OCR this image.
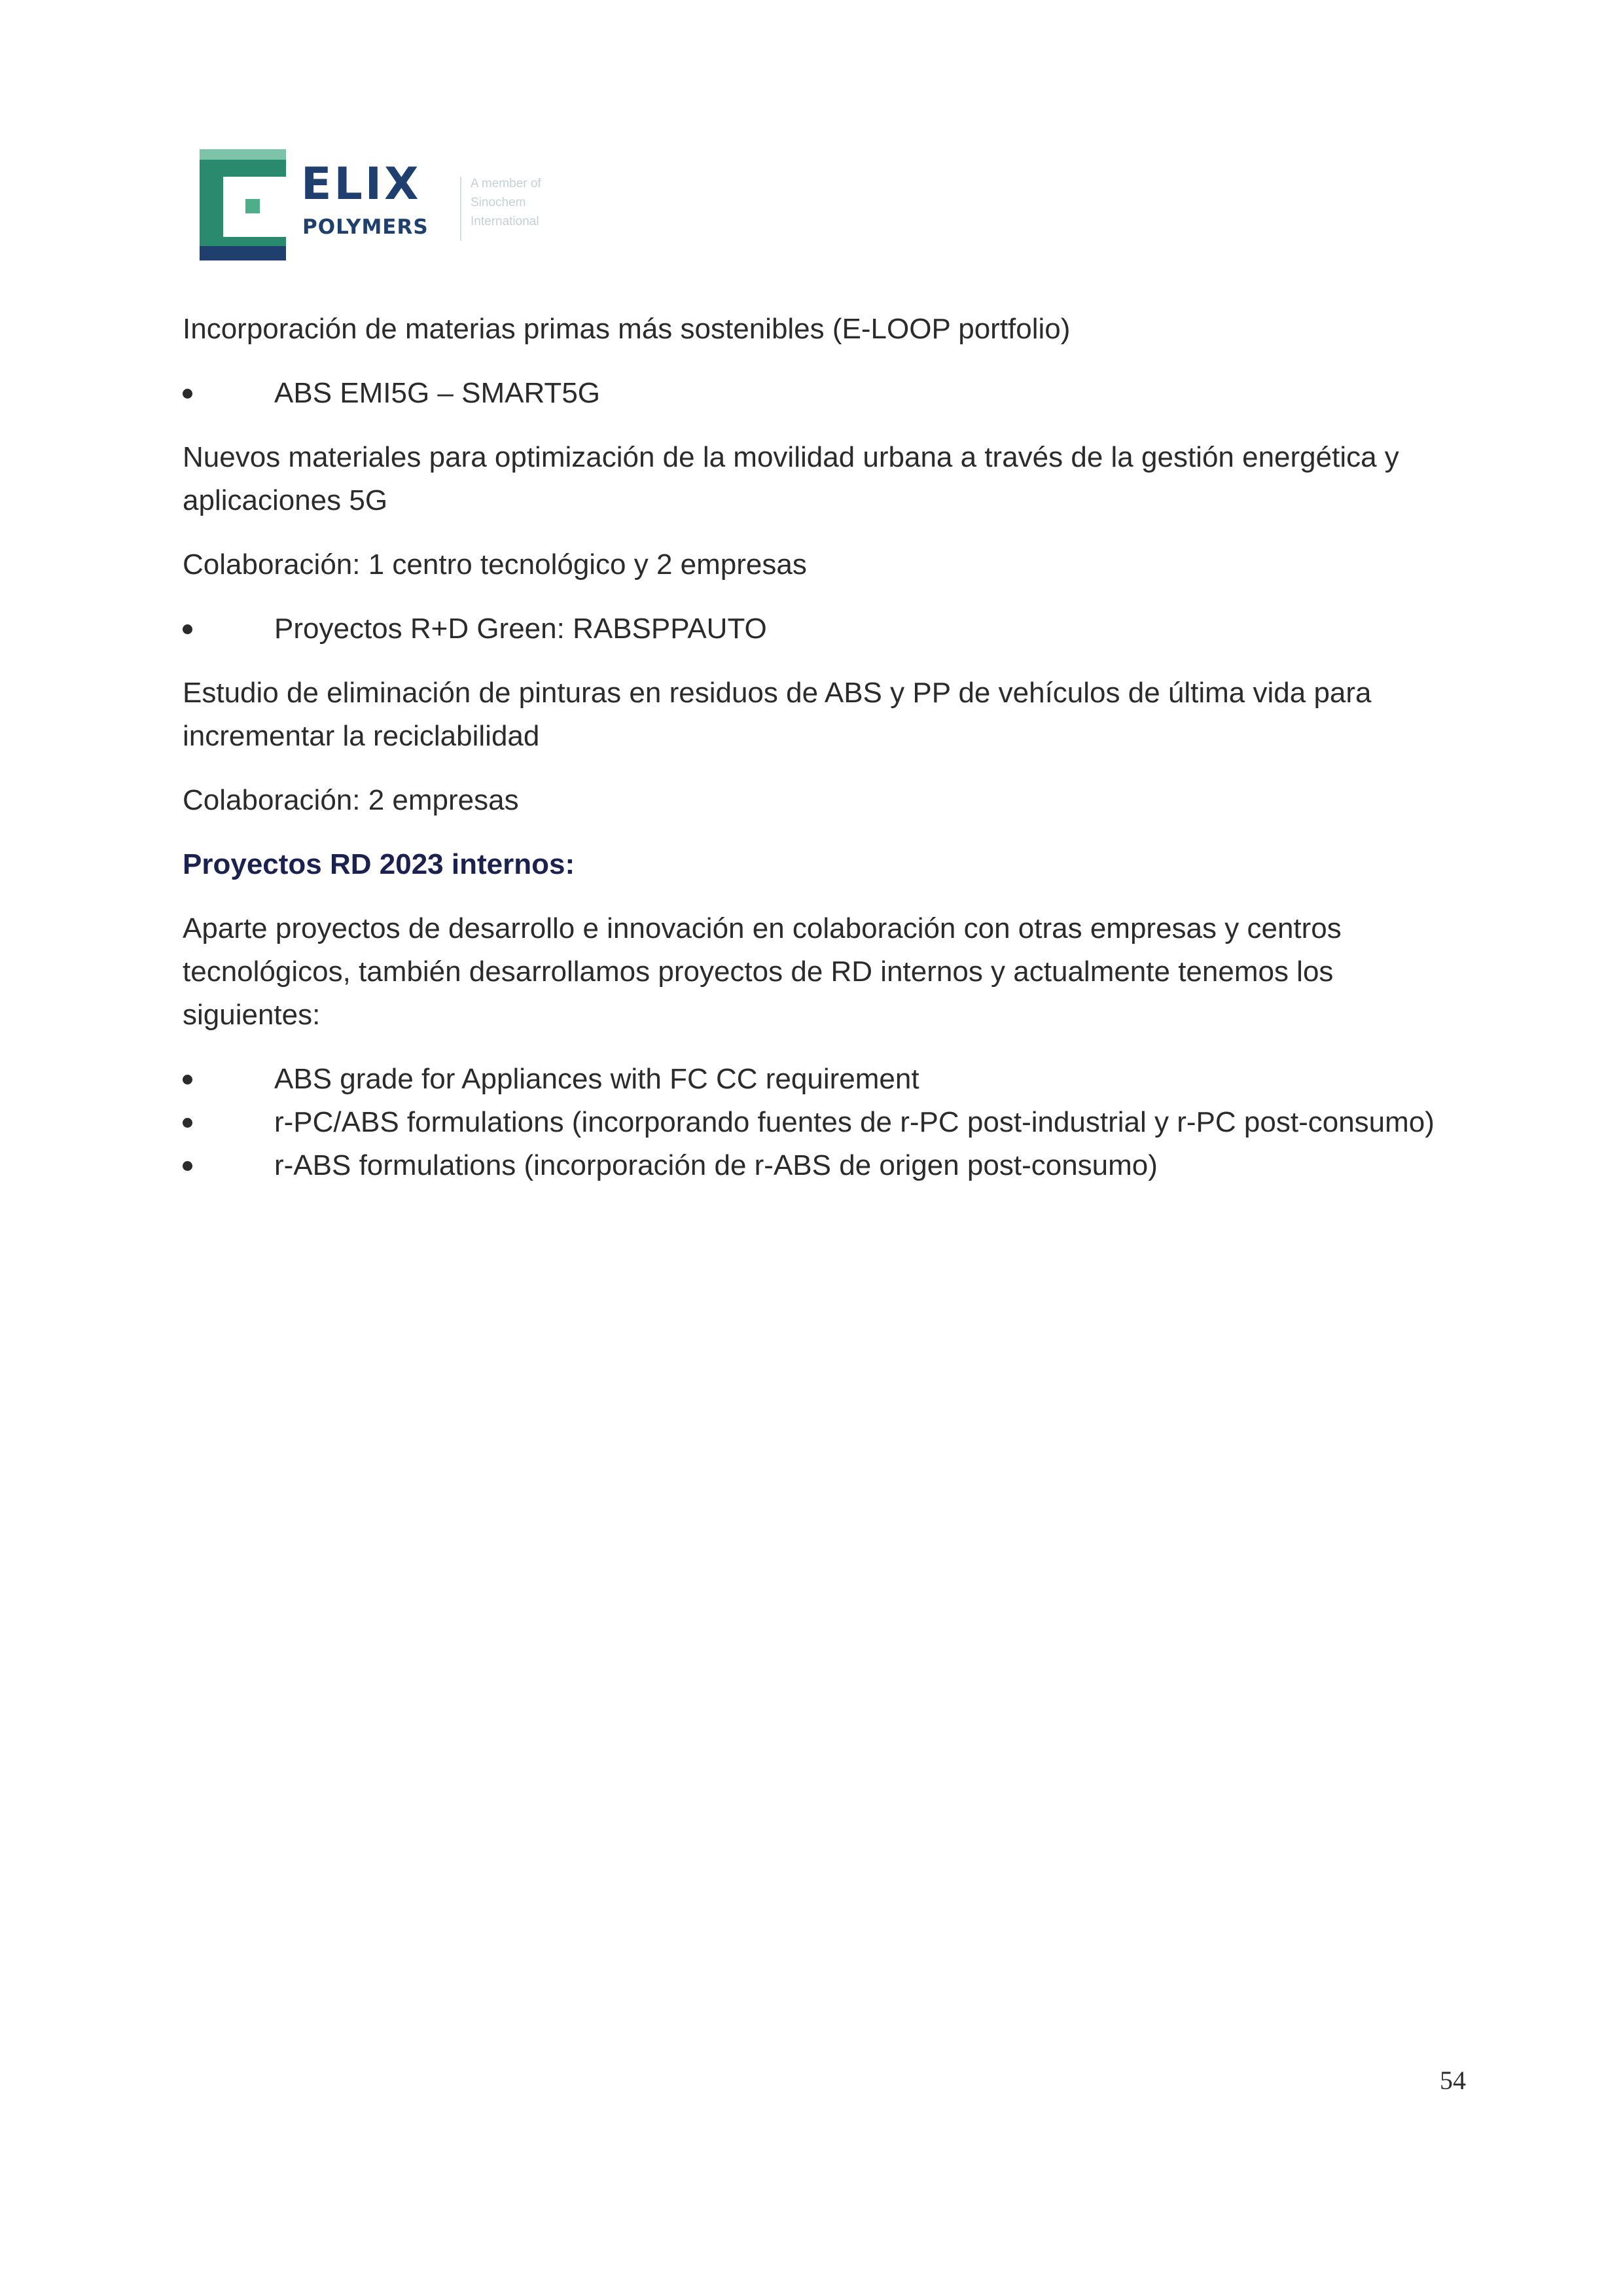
ELIX
POLYMERS
A member of
Sinochem
International

Incorporación de materias primas más sostenibles (E-LOOP portfolio)

ABS EMI5G – SMART5G

Nuevos materiales para optimización de la movilidad urbana a través de la gestión energética y aplicaciones 5G

Colaboración: 1 centro tecnológico y 2 empresas

Proyectos R+D Green: RABSPPAUTO

Estudio de eliminación de pinturas en residuos de ABS y PP de vehículos de última vida para incrementar la reciclabilidad

Colaboración: 2 empresas

Proyectos RD 2023 internos:

Aparte proyectos de desarrollo e innovación en colaboración con otras empresas y centros tecnológicos, también desarrollamos proyectos de RD internos y actualmente tenemos los siguientes:

ABS grade for Appliances with FC CC requirement
r-PC/ABS formulations (incorporando fuentes de r-PC post-industrial y r-PC post-consumo)
r-ABS formulations (incorporación de r-ABS de origen post-consumo)
54
